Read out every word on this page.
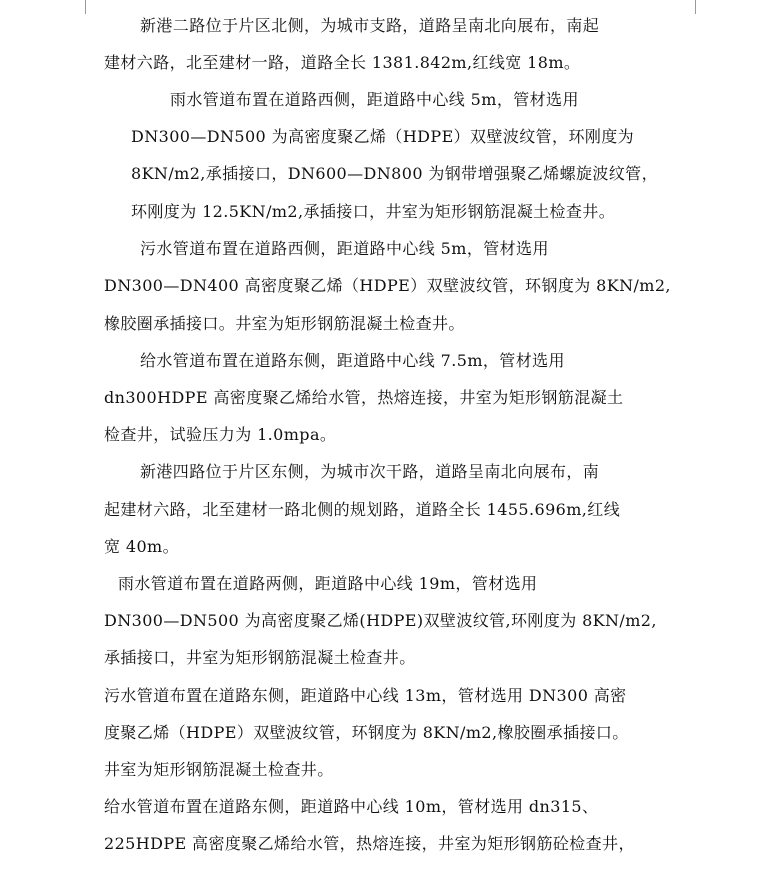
新港二路位于片区北侧，为城市支路，道路呈南北向展布，南起
建材六路，北至建材一路，道路全长 1381.842m,红线宽 18m。
雨水管道布置在道路西侧，距道路中心线 5m，管材选用
DN300—DN500 为高密度聚乙烯（HDPE）双壁波纹管，环刚度为
8KN/m2,承插接口，DN600—DN800 为钢带增强聚乙烯螺旋波纹管，
环刚度为 12.5KN/m2,承插接口，井室为矩形钢筋混凝土检查井。
污水管道布置在道路西侧，距道路中心线 5m，管材选用
DN300—DN400 高密度聚乙烯（HDPE）双壁波纹管，环钢度为 8KN/m2,
橡胶圈承插接口。井室为矩形钢筋混凝土检查井。
给水管道布置在道路东侧，距道路中心线 7.5m，管材选用
dn300HDPE 高密度聚乙烯给水管，热熔连接，井室为矩形钢筋混凝土
检查井，试验压力为 1.0mpa。
新港四路位于片区东侧，为城市次干路，道路呈南北向展布，南
起建材六路，北至建材一路北侧的规划路，道路全长 1455.696m,红线
宽 40m。
雨水管道布置在道路两侧，距道路中心线 19m，管材选用
DN300—DN500 为高密度聚乙烯(HDPE)双壁波纹管,环刚度为 8KN/m2,
承插接口，井室为矩形钢筋混凝土检查井。
污水管道布置在道路东侧，距道路中心线 13m，管材选用 DN300 高密
度聚乙烯（HDPE）双壁波纹管，环钢度为 8KN/m2,橡胶圈承插接口。
井室为矩形钢筋混凝土检查井。
给水管道布置在道路东侧，距道路中心线 10m，管材选用 dn315、
225HDPE 高密度聚乙烯给水管，热熔连接，井室为矩形钢筋砼检查井，
